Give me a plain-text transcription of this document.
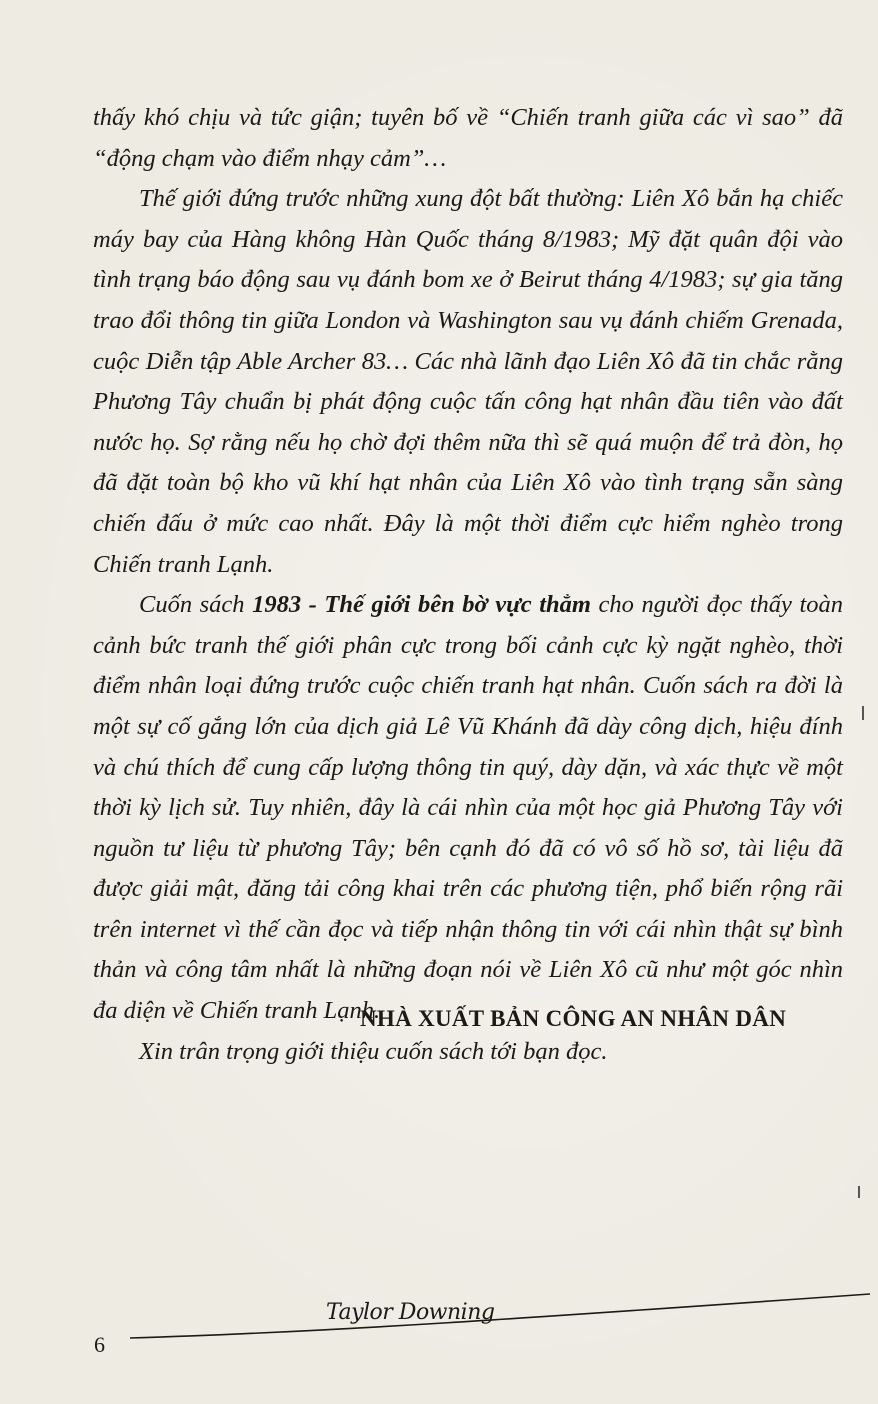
thấy khó chịu và tức giận; tuyên bố về “Chiến tranh giữa các vì sao” đã “động chạm vào điểm nhạy cảm”…

Thế giới đứng trước những xung đột bất thường: Liên Xô bắn hạ chiếc máy bay của Hàng không Hàn Quốc tháng 8/1983; Mỹ đặt quân đội vào tình trạng báo động sau vụ đánh bom xe ở Beirut tháng 4/1983; sự gia tăng trao đổi thông tin giữa London và Washington sau vụ đánh chiếm Grenada, cuộc Diễn tập Able Archer 83… Các nhà lãnh đạo Liên Xô đã tin chắc rằng Phương Tây chuẩn bị phát động cuộc tấn công hạt nhân đầu tiên vào đất nước họ. Sợ rằng nếu họ chờ đợi thêm nữa thì sẽ quá muộn để trả đòn, họ đã đặt toàn bộ kho vũ khí hạt nhân của Liên Xô vào tình trạng sẵn sàng chiến đấu ở mức cao nhất. Đây là một thời điểm cực hiểm nghèo trong Chiến tranh Lạnh.

Cuốn sách 1983 - Thế giới bên bờ vực thẳm cho người đọc thấy toàn cảnh bức tranh thế giới phân cực trong bối cảnh cực kỳ ngặt nghèo, thời điểm nhân loại đứng trước cuộc chiến tranh hạt nhân. Cuốn sách ra đời là một sự cố gắng lớn của dịch giả Lê Vũ Khánh đã dày công dịch, hiệu đính và chú thích để cung cấp lượng thông tin quý, dày dặn, và xác thực về một thời kỳ lịch sử. Tuy nhiên, đây là cái nhìn của một học giả Phương Tây với nguồn tư liệu từ phương Tây; bên cạnh đó đã có vô số hồ sơ, tài liệu đã được giải mật, đăng tải công khai trên các phương tiện, phổ biến rộng rãi trên internet vì thế cần đọc và tiếp nhận thông tin với cái nhìn thật sự bình thản và công tâm nhất là những đoạn nói về Liên Xô cũ như một góc nhìn đa diện về Chiến tranh Lạnh.

Xin trân trọng giới thiệu cuốn sách tới bạn đọc.

NHÀ XUẤT BẢN CÔNG AN NHÂN DÂN
Taylor Downing
6
